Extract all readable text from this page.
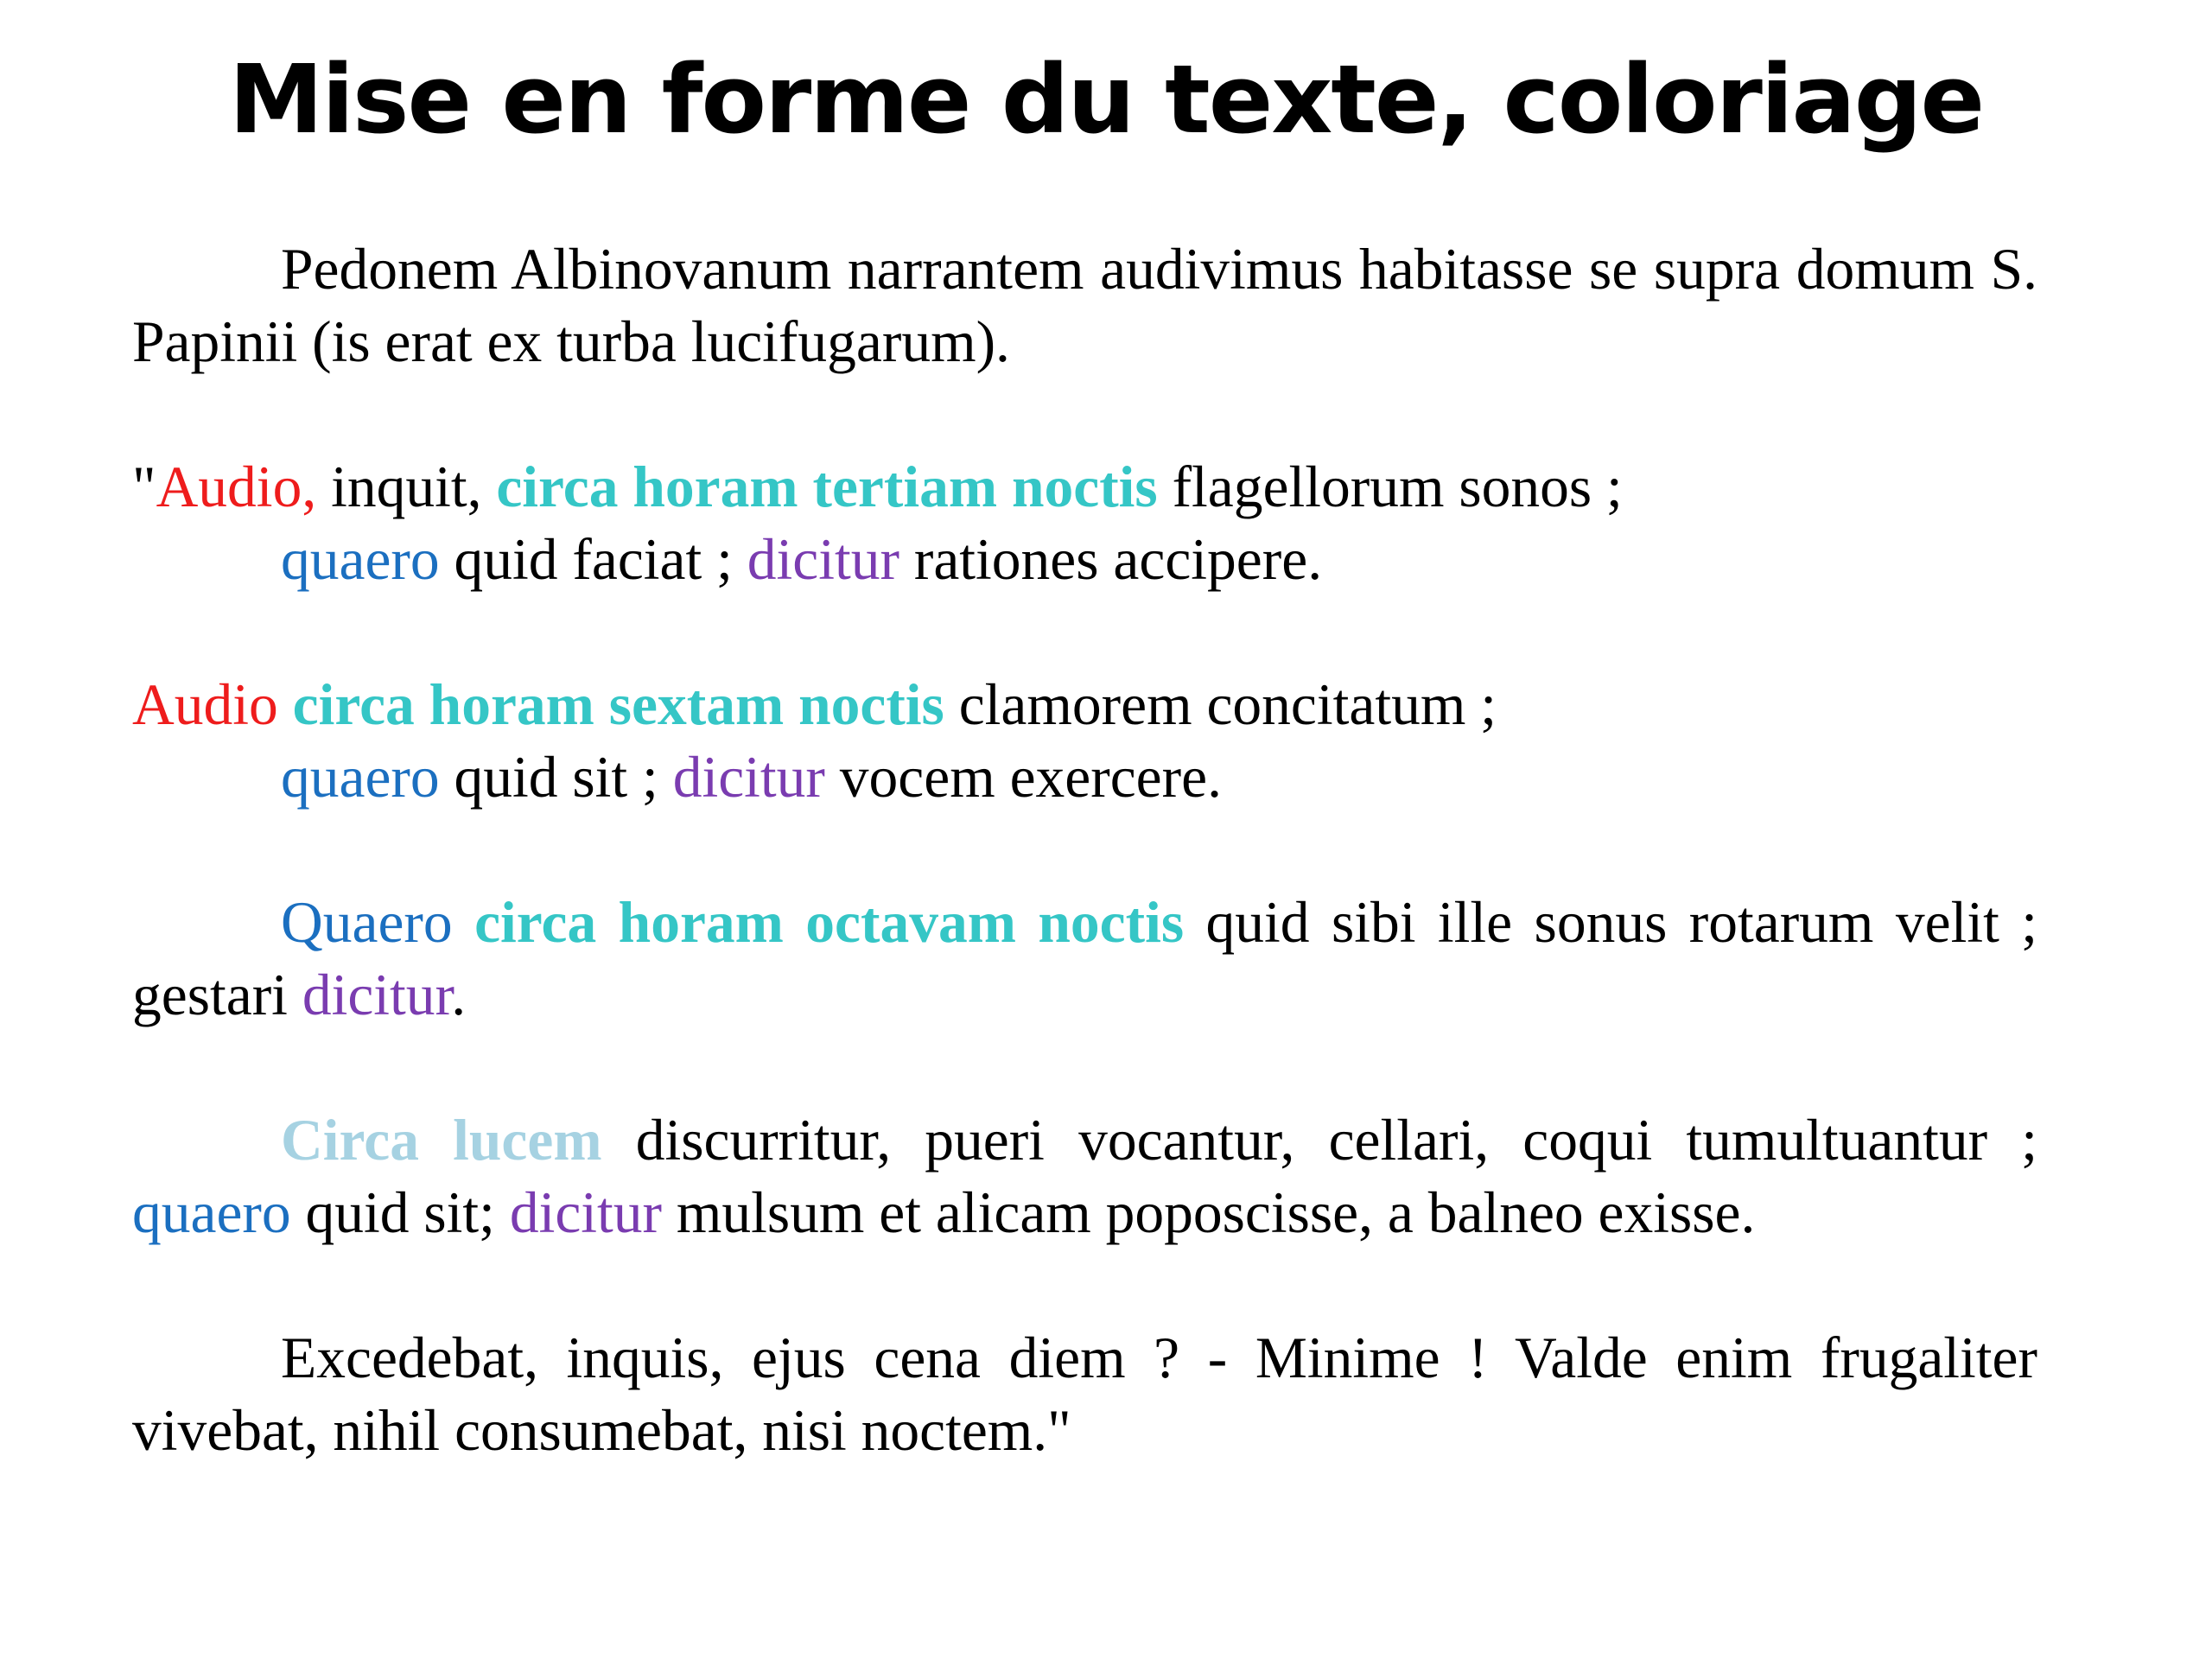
Mise en forme du texte, coloriage

Pedonem Albinovanum narrantem audivimus habitasse se supra domum S. Papinii (is erat ex turba lucifugarum).

"Audio, inquit, circa horam tertiam noctis flagellorum sonos ;

quaero quid faciat ; dicitur rationes accipere.

Audio circa horam sextam noctis clamorem concitatum ;

quaero quid sit ; dicitur vocem exercere.

Quaero circa horam octavam noctis quid sibi ille sonus rotarum velit ; gestari dicitur.

Circa lucem discurritur, pueri vocantur, cellari, coqui tumultuantur ; quaero quid sit; dicitur mulsum et alicam poposcisse, a balneo exisse.

Excedebat, inquis, ejus cena diem ? - Minime ! Valde enim frugaliter vivebat, nihil consumebat, nisi noctem."
